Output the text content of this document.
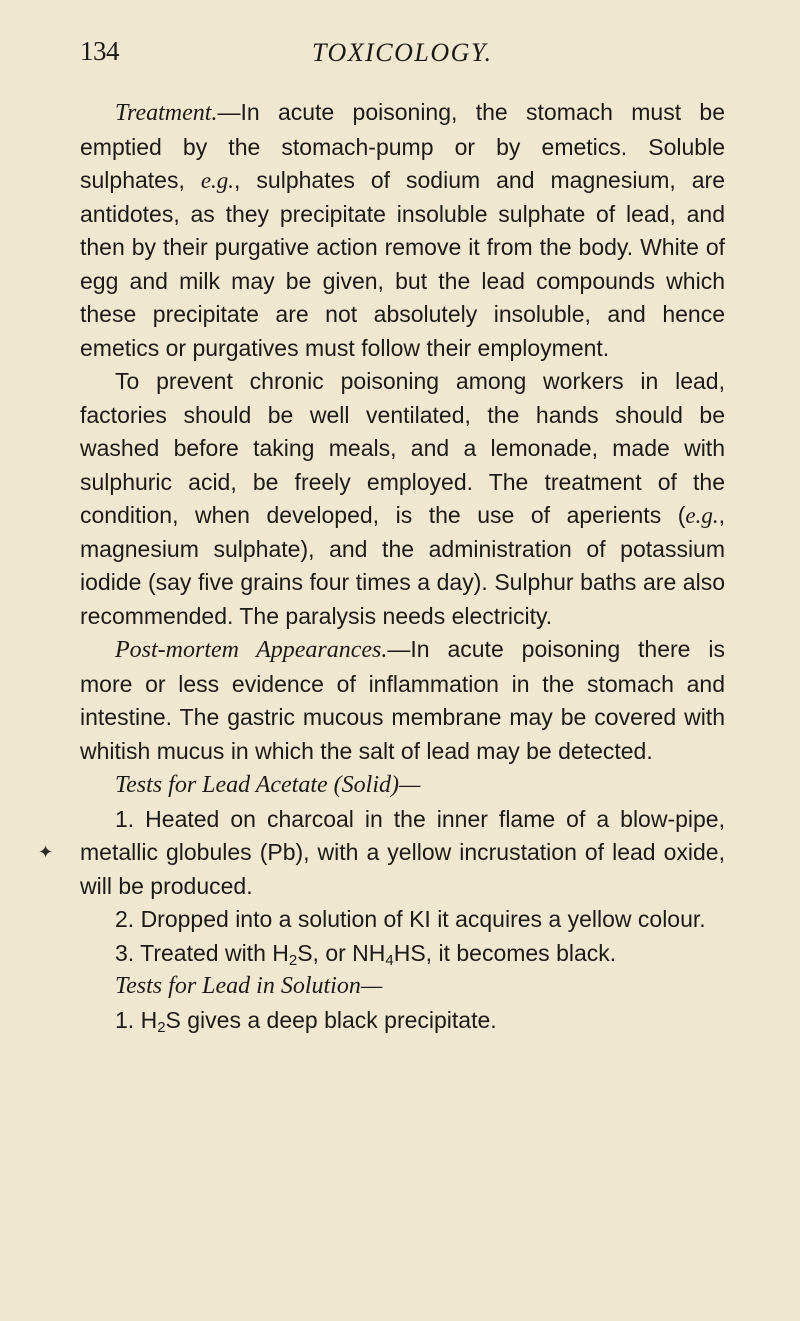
134	TOXICOLOGY.
✦

Treatment.—In acute poisoning, the stomach must be emptied by the stomach-pump or by emetics. Soluble sulphates, e.g., sulphates of sodium and magnesium, are antidotes, as they precipitate insoluble sulphate of lead, and then by their purgative action remove it from the body. White of egg and milk may be given, but the lead compounds which these precipitate are not absolutely insoluble, and hence emetics or purgatives must follow their employment.

To prevent chronic poisoning among workers in lead, factories should be well ventilated, the hands should be washed before taking meals, and a lemonade, made with sulphuric acid, be freely employed. The treatment of the condition, when developed, is the use of aperients (e.g., magnesium sulphate), and the administration of potassium iodide (say five grains four times a day). Sulphur baths are also recommended. The paralysis needs electricity.

Post-mortem Appearances.—In acute poisoning there is more or less evidence of inflammation in the stomach and intestine. The gastric mucous membrane may be covered with whitish mucus in which the salt of lead may be detected.

Tests for Lead Acetate (Solid)—

1. Heated on charcoal in the inner flame of a blow-pipe, metallic globules (Pb), with a yellow incrustation of lead oxide, will be produced.

2. Dropped into a solution of KI it acquires a yellow colour.

3. Treated with $H_2S$, or $NH_4HS$, it becomes black.

Tests for Lead in Solution—

1. $H_2S$ gives a deep black precipitate.
